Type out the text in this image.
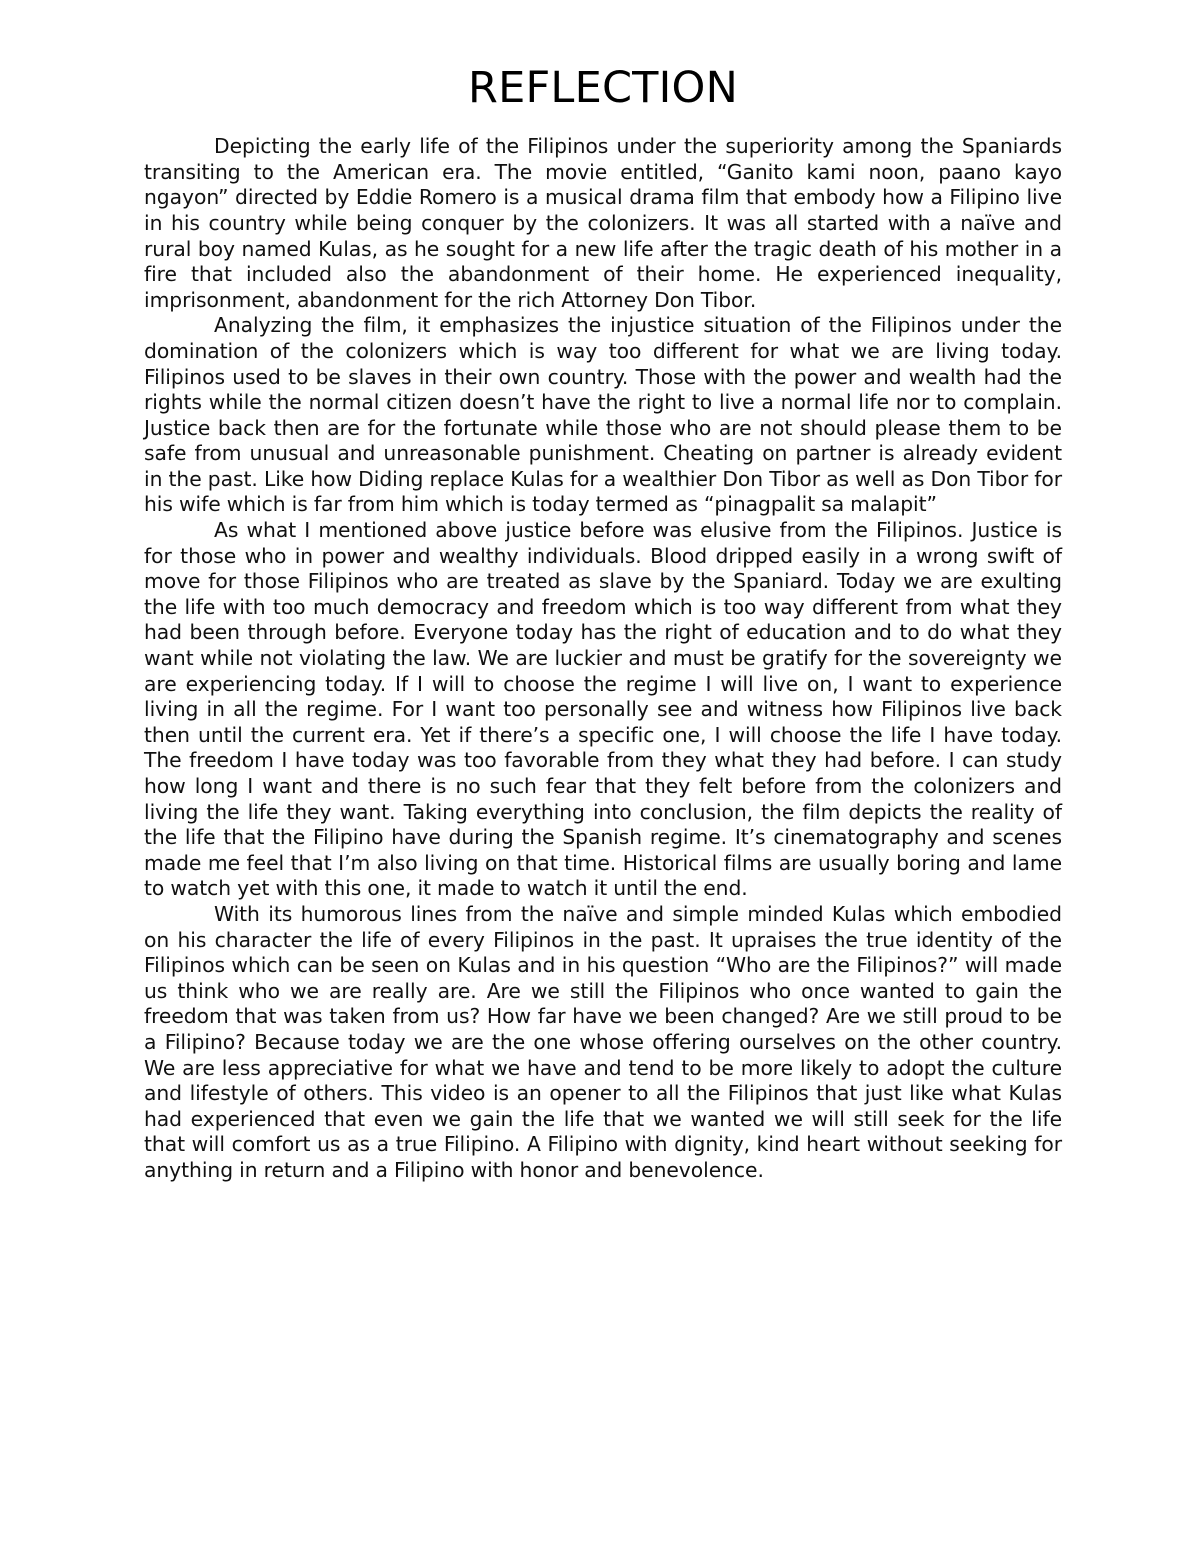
REFLECTION

Depicting the early life of the Filipinos under the superiority among the Spaniards transiting to the American era. The movie entitled, “Ganito kami noon, paano kayo ngayon” directed by Eddie Romero is a musical drama film that embody how a Filipino live in his country while being conquer by the colonizers. It was all started with a naïve and rural boy named Kulas, as he sought for a new life after the tragic death of his mother in a fire that included also the abandonment of their home. He experienced inequality, imprisonment, abandonment for the rich Attorney Don Tibor.

Analyzing the film, it emphasizes the injustice situation of the Filipinos under the domination of the colonizers which is way too different for what we are living today. Filipinos used to be slaves in their own country. Those with the power and wealth had the rights while the normal citizen doesn’t have the right to live a normal life nor to complain. Justice back then are for the fortunate while those who are not should please them to be safe from unusual and unreasonable punishment. Cheating on partner is already evident in the past. Like how Diding replace Kulas for a wealthier Don Tibor as well as Don Tibor for his wife which is far from him which is today termed as “pinagpalit sa malapit”

As what I mentioned above justice before was elusive from the Filipinos. Justice is for those who in power and wealthy individuals. Blood dripped easily in a wrong swift of move for those Filipinos who are treated as slave by the Spaniard. Today we are exulting the life with too much democracy and freedom which is too way different from what they had been through before. Everyone today has the right of education and to do what they want while not violating the law. We are luckier and must be gratify for the sovereignty we are experiencing today. If I will to choose the regime I will live on, I want to experience living in all the regime. For I want too personally see and witness how Filipinos live back then until the current era. Yet if there’s a specific one, I will choose the life I have today. The freedom I have today was too favorable from they what they had before. I can study how long I want and there is no such fear that they felt before from the colonizers and living the life they want. Taking everything into conclusion, the film depicts the reality of the life that the Filipino have during the Spanish regime. It’s cinematography and scenes made me feel that I’m also living on that time. Historical films are usually boring and lame to watch yet with this one, it made to watch it until the end.

With its humorous lines from the naïve and simple minded Kulas which embodied on his character the life of every Filipinos in the past. It upraises the true identity of the Filipinos which can be seen on Kulas and in his question “Who are the Filipinos?” will made us think who we are really are. Are we still the Filipinos who once wanted to gain the freedom that was taken from us? How far have we been changed? Are we still proud to be a Filipino? Because today we are the one whose offering ourselves on the other country. We are less appreciative for what we have and tend to be more likely to adopt the culture and lifestyle of others. This video is an opener to all the Filipinos that just like what Kulas had experienced that even we gain the life that we wanted we will still seek for the life that will comfort us as a true Filipino. A Filipino with dignity, kind heart without seeking for anything in return and a Filipino with honor and benevolence.
